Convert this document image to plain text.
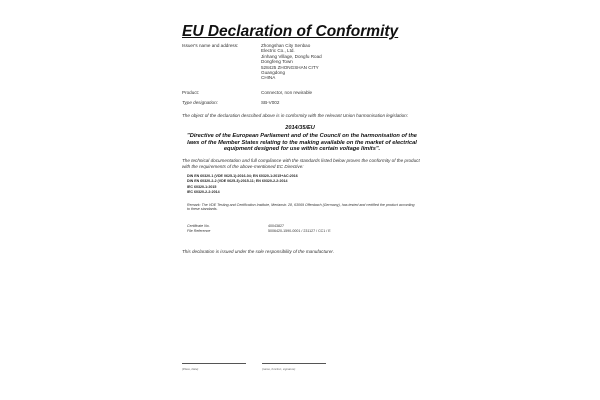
EU Declaration of Conformity
Issuer's name and address:	Zhongshan City Senbao
Electric Co., Ltd.
Jinhang Village, Dongfu Road
Dongfeng Town
528425 ZHONGSHAN CITY
Guangdong
CHINA
Product:	Connector, non rewirable
Type designation:	SB-V002
The object of the declaration described above is in conformity with the relevant Union harmonisation legislation:
2014/35/EU
"Directive of the European Parliament and of the Council on the harmonisation of the laws of the Member States relating to the making available on the market of electrical equipment designed for use within certain voltage limits".
The technical documentation and full compliance with the standards listed below proves the conformity of the product with the requirements of the above-mentioned EC Directive:
DIN EN 60320-1 (VDE 0625-1):2016-04; EN 60320-1:2015+AC:2016
DIN EN 60320-2-2 (VDE 0625-3):2015-11; EN 60320-2-2:2014
IEC 60320-1:2015
IEC 60320-2-2:2014
Remark: The VDE Testing and Certification Institute, Merianstr. 28, 63069 Offenbach (Germany), has tested and certified the product according to these standards.
Certificate No.	40043827
File Reference	5006420-1590-0001 / 231127 / CC1 / E
This declaration is issued under the sole responsibility of the manufacturer.
(Place, Date)	(name, function, signature)
